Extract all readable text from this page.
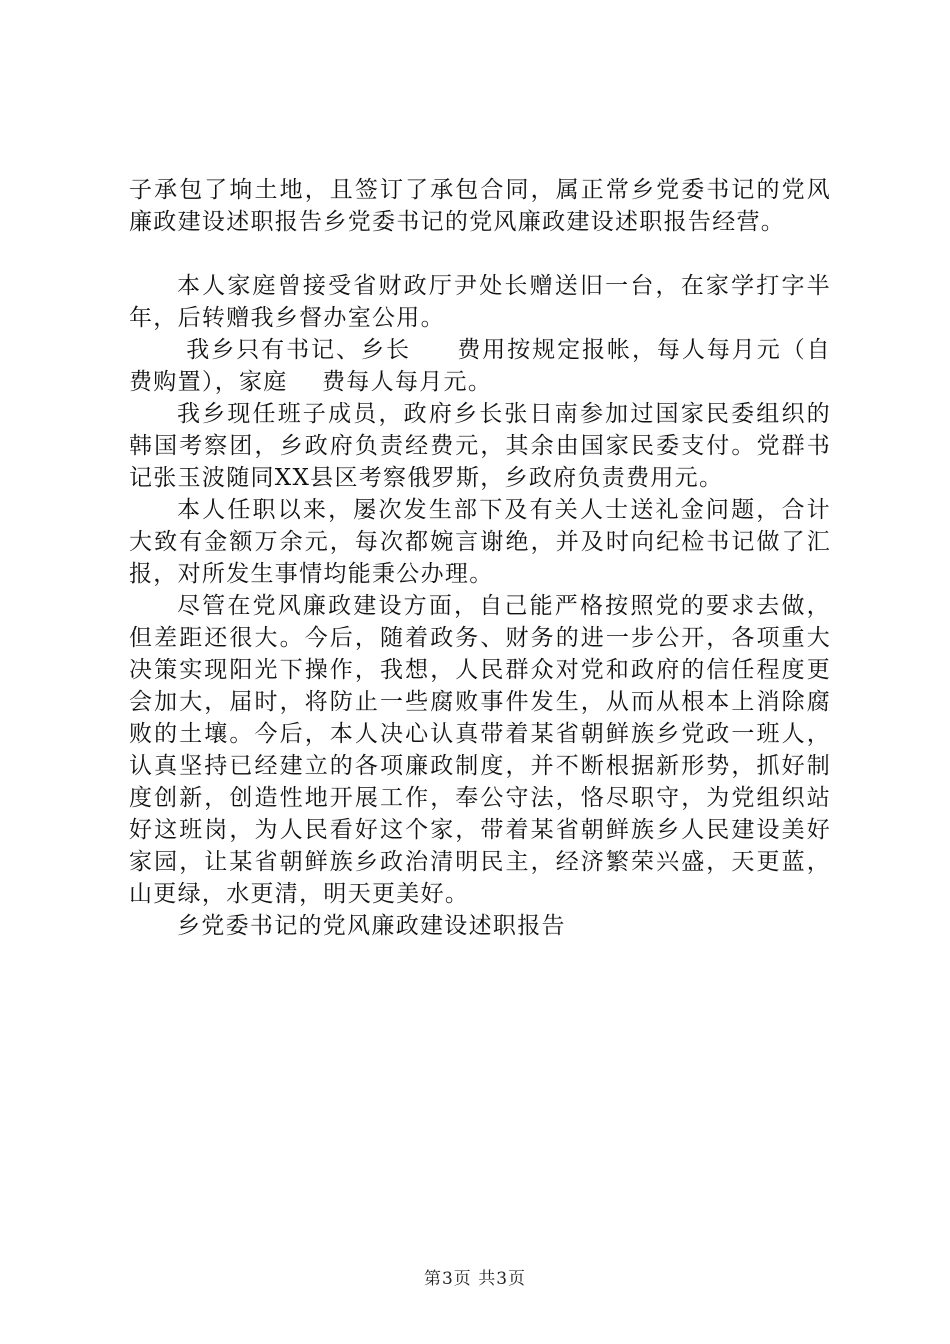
子承包了垧土地，且签订了承包合同，属正常乡党委书记的党风廉政建设述职报告乡党委书记的党风廉政建设述职报告经营。

本人家庭曾接受省财政厅尹处长赠送旧一台，在家学打字半年，后转赠我乡督办室公用。

我乡只有书记、乡长     费用按规定报帐，每人每月元（自费购置），家庭    费每人每月元。

我乡现任班子成员，政府乡长张日南参加过国家民委组织的韩国考察团，乡政府负责经费元，其余由国家民委支付。党群书记张玉波随同XX县区考察俄罗斯，乡政府负责费用元。

本人任职以来，屡次发生部下及有关人士送礼金问题，合计大致有金额万余元，每次都婉言谢绝，并及时向纪检书记做了汇报，对所发生事情均能秉公办理。

尽管在党风廉政建设方面，自己能严格按照党的要求去做，但差距还很大。今后，随着政务、财务的进一步公开，各项重大决策实现阳光下操作，我想，人民群众对党和政府的信任程度更会加大，届时，将防止一些腐败事件发生，从而从根本上消除腐败的土壤。今后，本人决心认真带着某省朝鲜族乡党政一班人，认真坚持已经建立的各项廉政制度，并不断根据新形势，抓好制度创新，创造性地开展工作，奉公守法，恪尽职守，为党组织站好这班岗，为人民看好这个家，带着某省朝鲜族乡人民建设美好家园，让某省朝鲜族乡政治清明民主，经济繁荣兴盛，天更蓝，山更绿，水更清，明天更美好。

乡党委书记的党风廉政建设述职报告

第3页 共3页
